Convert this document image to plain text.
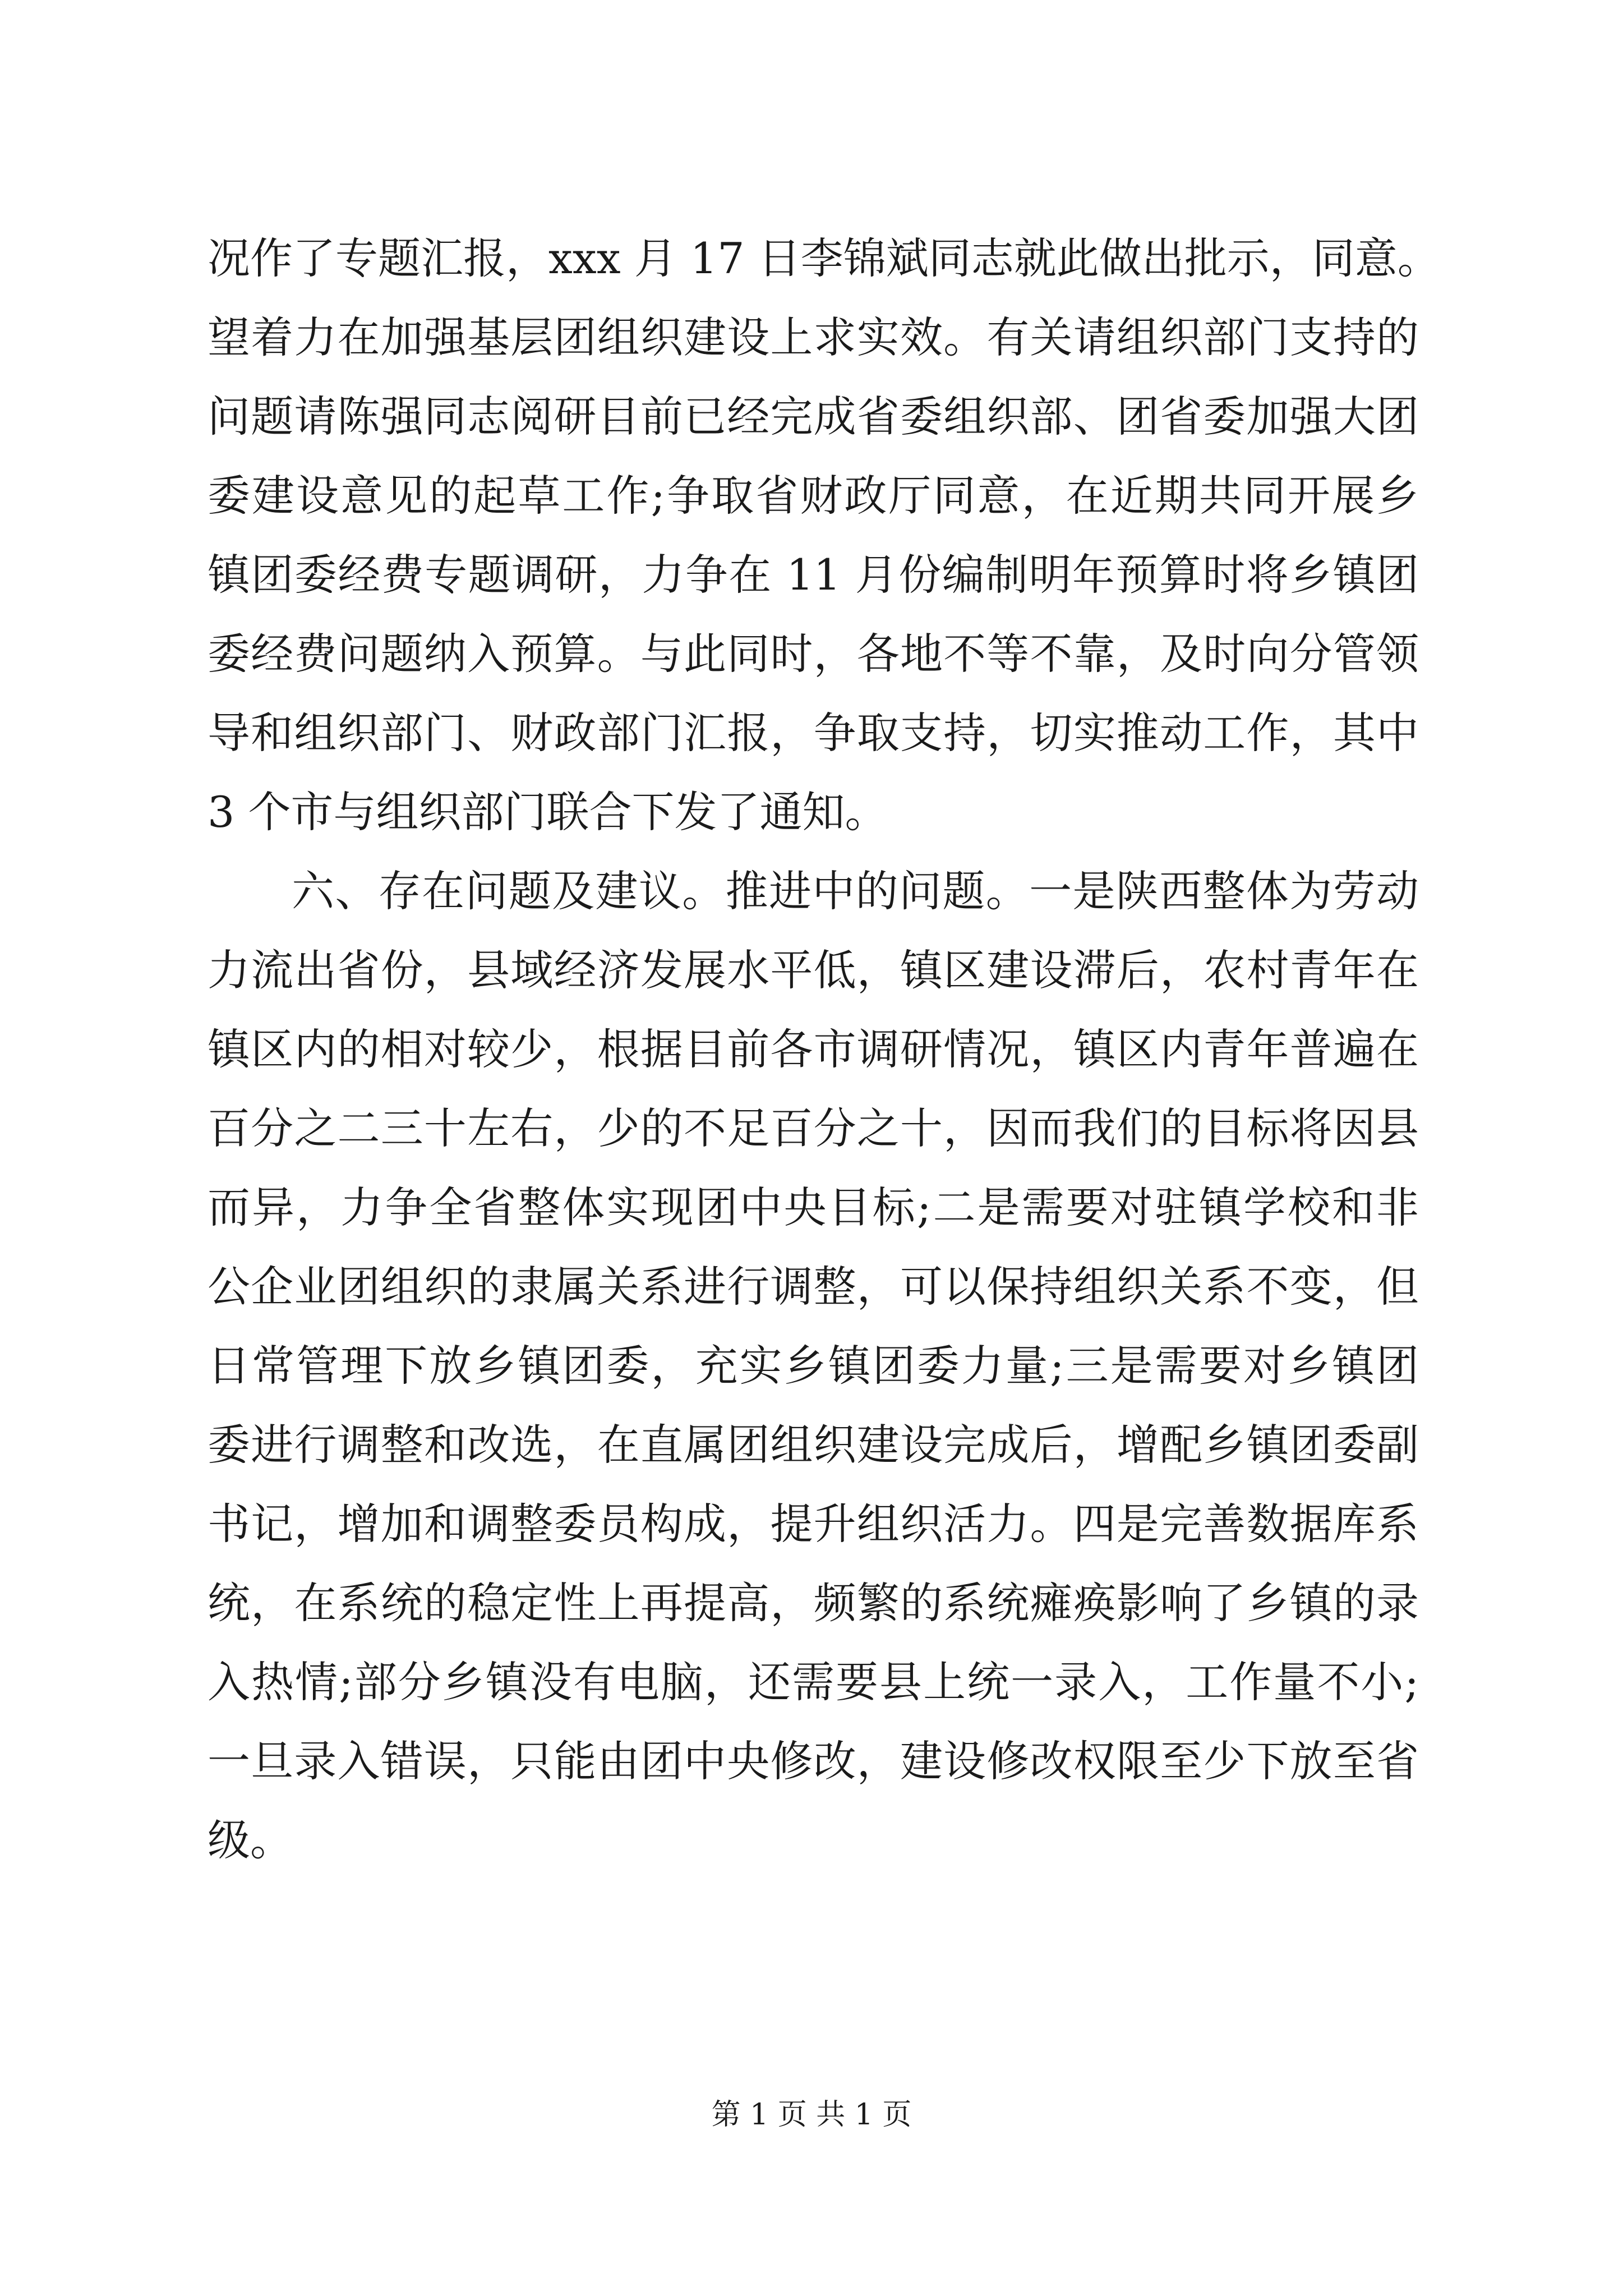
况作了专题汇报，xxx 月 17 日李锦斌同志就此做出批示，同意。
望着力在加强基层团组织建设上求实效。有关请组织部门支持的
问题请陈强同志阅研目前已经完成省委组织部、团省委加强大团
委建设意见的起草工作;争取省财政厅同意，在近期共同开展乡
镇团委经费专题调研，力争在 11 月份编制明年预算时将乡镇团
委经费问题纳入预算。与此同时，各地不等不靠，及时向分管领
导和组织部门、财政部门汇报，争取支持，切实推动工作，其中
3 个市与组织部门联合下发了通知。
六、存在问题及建议。推进中的问题。一是陕西整体为劳动
力流出省份，县域经济发展水平低，镇区建设滞后，农村青年在
镇区内的相对较少，根据目前各市调研情况，镇区内青年普遍在
百分之二三十左右，少的不足百分之十，因而我们的目标将因县
而异，力争全省整体实现团中央目标;二是需要对驻镇学校和非
公企业团组织的隶属关系进行调整，可以保持组织关系不变，但
日常管理下放乡镇团委，充实乡镇团委力量;三是需要对乡镇团
委进行调整和改选，在直属团组织建设完成后，增配乡镇团委副
书记，增加和调整委员构成，提升组织活力。四是完善数据库系
统，在系统的稳定性上再提高，频繁的系统瘫痪影响了乡镇的录
入热情;部分乡镇没有电脑，还需要县上统一录入，工作量不小;
一旦录入错误，只能由团中央修改，建设修改权限至少下放至省
级。
第 1 页 共 1 页
